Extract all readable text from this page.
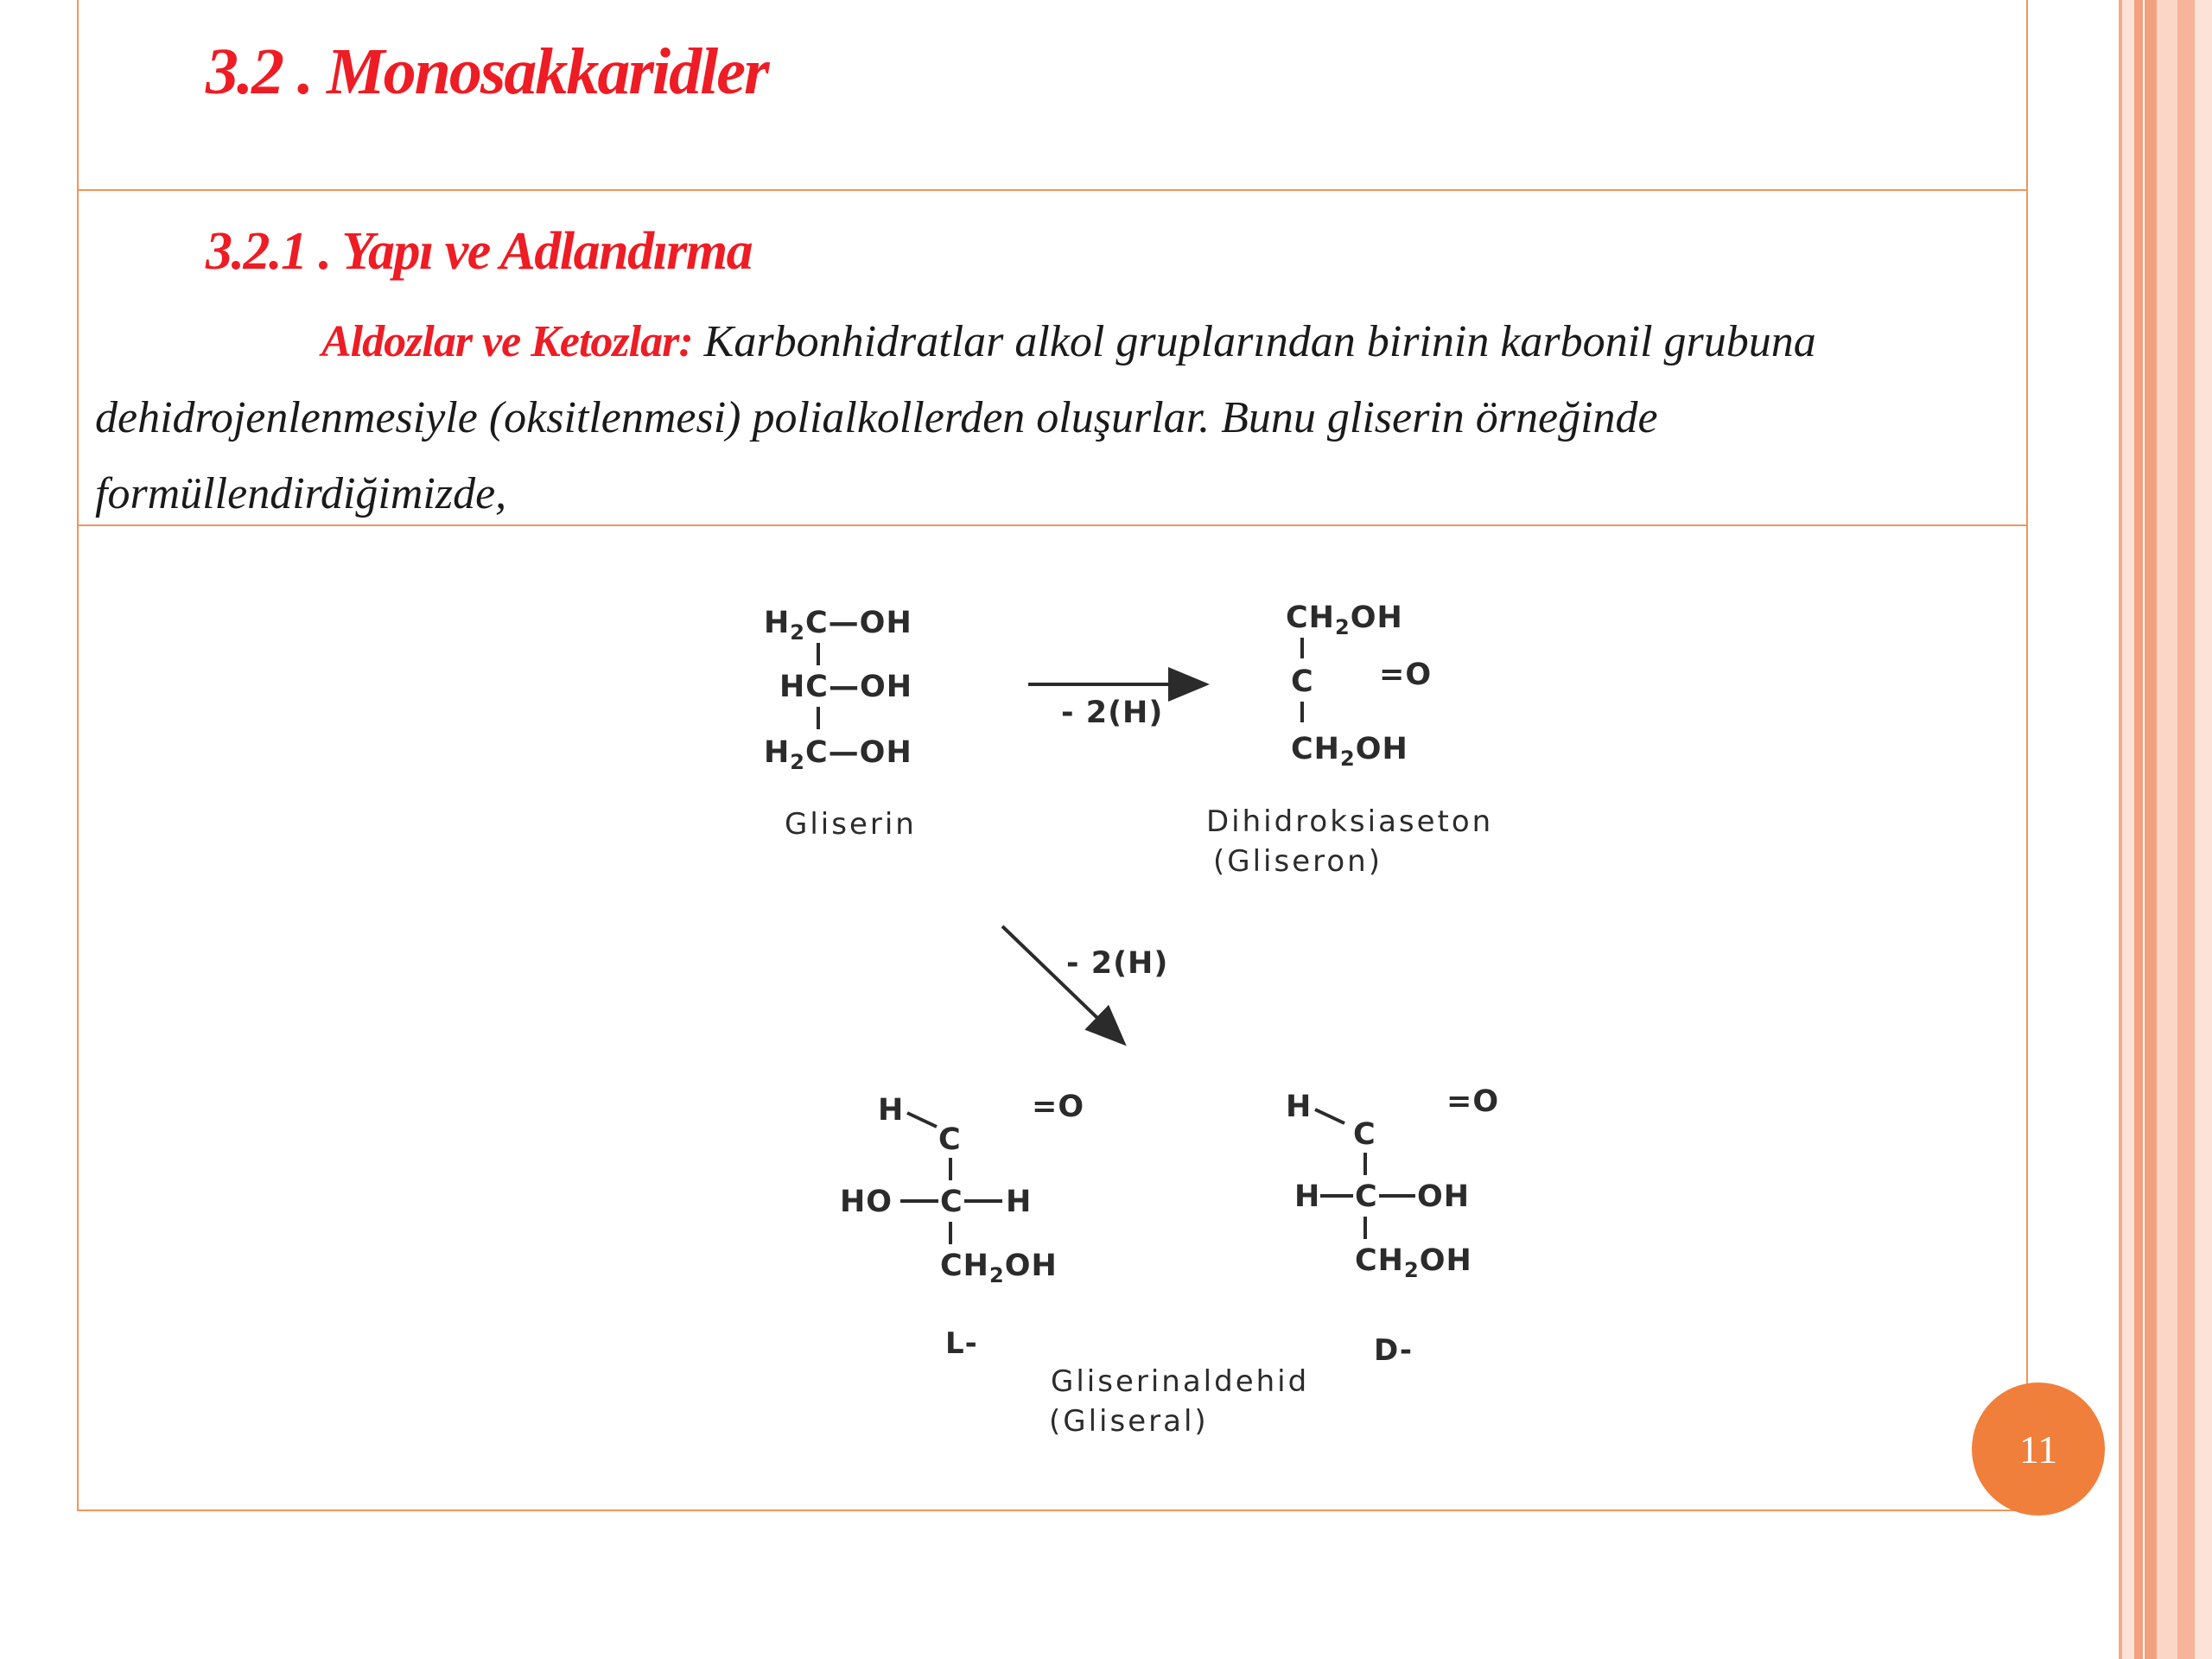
3.2 . Monosakkaridler
3.2.1 . Yapı ve Adlandırma

Aldozlar ve Ketozlar: Karbonhidratlar alkol gruplarından birinin karbonil grubuna dehidrojenlenmesiyle (oksitlenmesi) polialkollerden oluşurlar. Bunu gliserin örneğinde formüllendirdiğimizde,

$H_2C—OH$
HC—OH
$H_2C—OH$
Gliserin
- 2(H)
$CH_2OH$
C =O
$CH_2OH$
Dihidroksiaseton
(Gliseron)
- 2(H)
H
C
=O
HO C H
$CH_2OH$
L-
H
C
=O
H C OH
$CH_2OH$
D-
Gliserinaldehid
(Gliseral)
11
